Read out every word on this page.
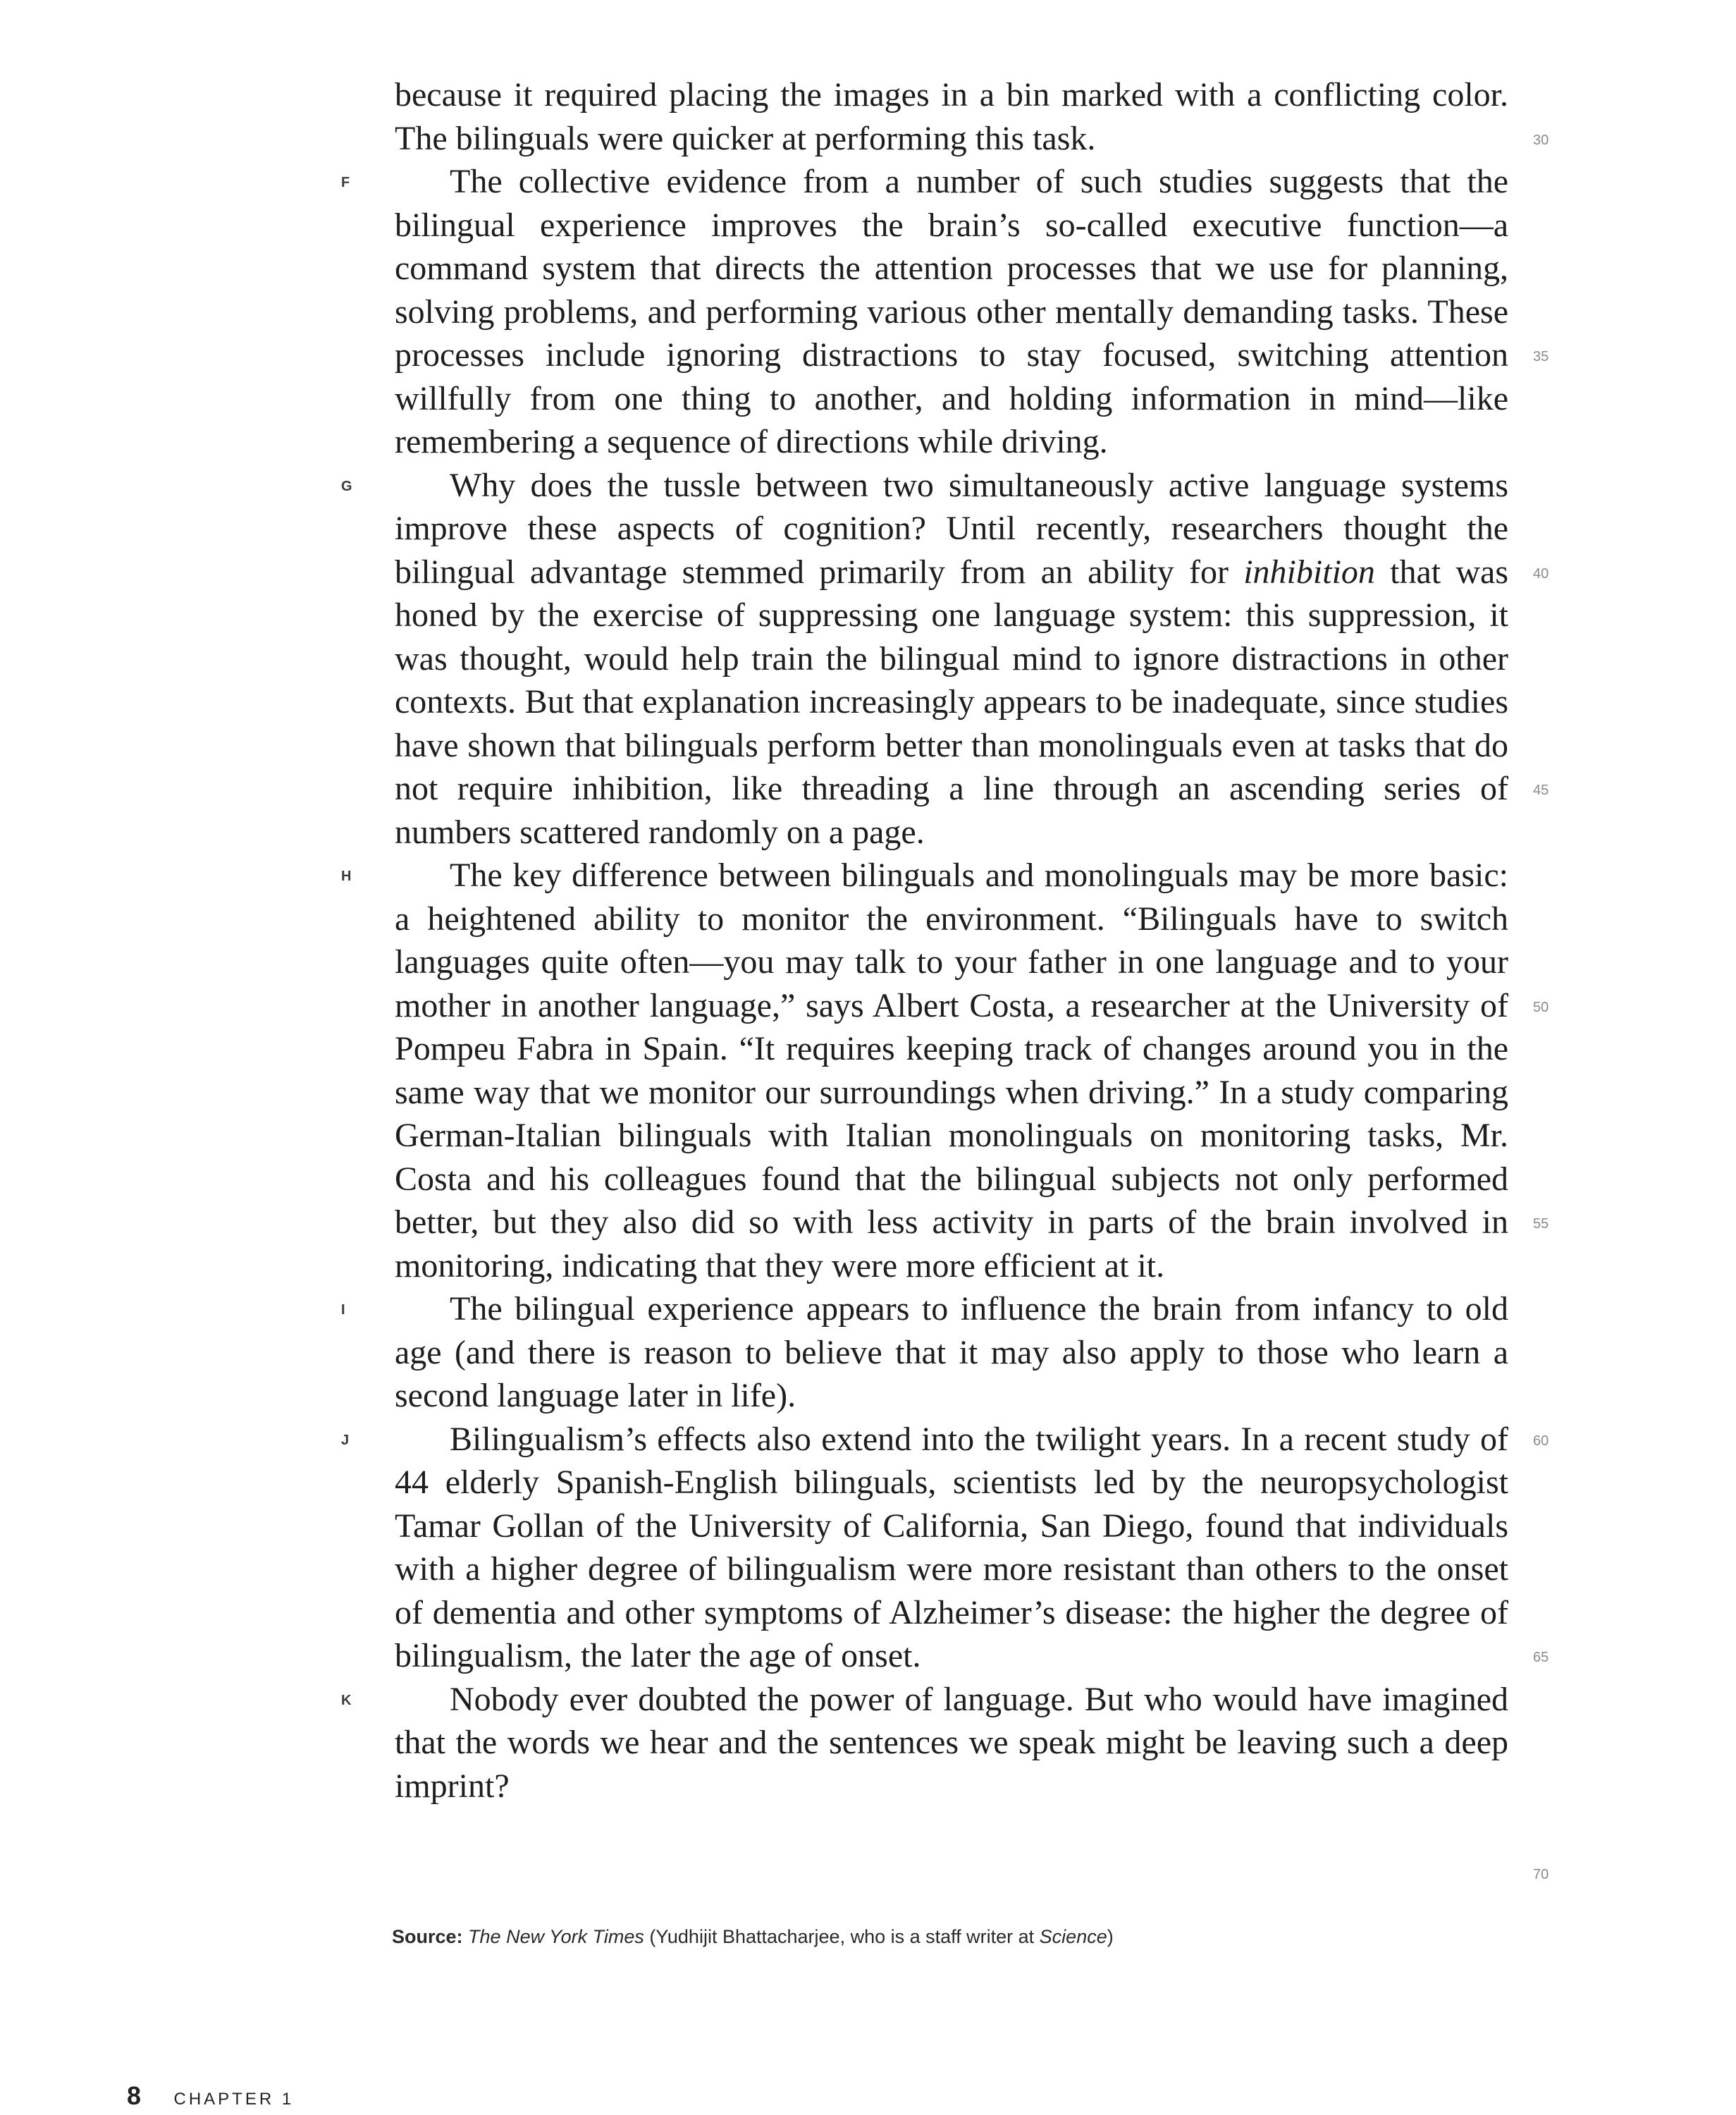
because it required placing the images in a bin marked with a conflicting color. The bilinguals were quicker at performing this task.

F	The collective evidence from a number of such studies suggests that the bilingual experience improves the brain’s so-called executive function—a command system that directs the attention processes that we use for planning, solving problems, and performing various other mentally demanding tasks. These processes include ignoring distractions to stay focused, switching attention willfully from one thing to another, and holding information in mind—like remembering a sequence of directions while driving.

G	Why does the tussle between two simultaneously active language systems improve these aspects of cognition? Until recently, researchers thought the bilingual advantage stemmed primarily from an ability for inhibition that was honed by the exercise of suppressing one language system: this suppression, it was thought, would help train the bilingual mind to ignore distractions in other contexts. But that explanation increasingly appears to be inadequate, since studies have shown that bilinguals perform better than monolinguals even at tasks that do not require inhibition, like threading a line through an ascending series of numbers scattered randomly on a page.

H	The key difference between bilinguals and monolinguals may be more basic: a heightened ability to monitor the environment. “Bilinguals have to switch languages quite often—you may talk to your father in one language and to your mother in another language,” says Albert Costa, a researcher at the University of Pompeu Fabra in Spain. “It requires keeping track of changes around you in the same way that we monitor our surroundings when driving.” In a study comparing German-Italian bilinguals with Italian monolinguals on monitoring tasks, Mr. Costa and his colleagues found that the bilingual subjects not only performed better, but they also did so with less activity in parts of the brain involved in monitoring, indicating that they were more efficient at it.

I	The bilingual experience appears to influence the brain from infancy to old age (and there is reason to believe that it may also apply to those who learn a second language later in life).

J	Bilingualism’s effects also extend into the twilight years. In a recent study of 44 elderly Spanish-English bilinguals, scientists led by the neuropsychologist Tamar Gollan of the University of California, San Diego, found that individuals with a higher degree of bilingualism were more resistant than others to the onset of dementia and other symptoms of Alzheimer’s disease: the higher the degree of bilingualism, the later the age of onset.

K	Nobody ever doubted the power of language. But who would have imagined that the words we hear and the sentences we speak might be leaving such a deep imprint?

30
35
40
45
50
55
60
65
70
Source: The New York Times (Yudhijit Bhattacharjee, who is a staff writer at Science)
8 CHAPTER 1
